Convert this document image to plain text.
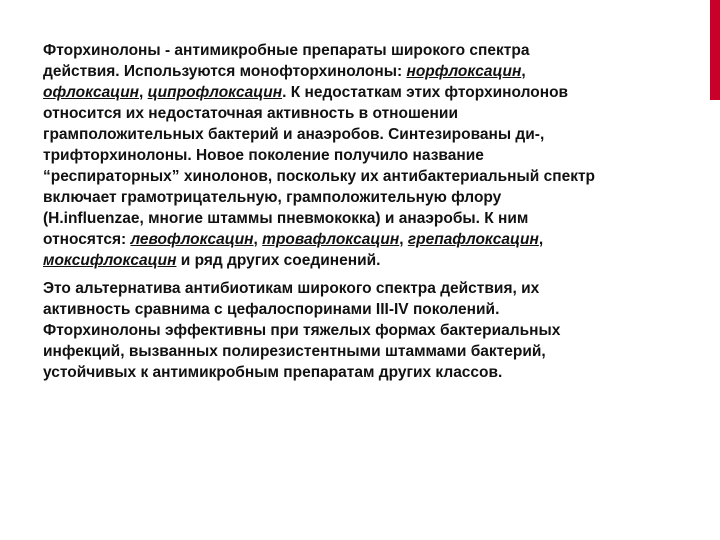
Фторхинолоны - антимикробные препараты широкого спектра действия. Используются монофторхинолоны: норфлоксацин, офлоксацин, ципрофлоксацин. К недостаткам этих фторхинолонов относится их недостаточная активность в отношении грамположительных бактерий и анаэробов. Синтезированы ди-, трифторхинолоны. Новое поколение получило название “респираторных” хинолонов, поскольку их антибактериальный спектр включает грамотрицательную, грамположительную флору (H.influenzae, многие штаммы пневмококка) и анаэробы. К ним относятся: левофлоксацин, тровафлоксацин, грепафлоксацин, моксифлоксацин и ряд других соединений.

Это альтернатива антибиотикам широкого спектра действия, их активность сравнима с цефалоспоринами III-IV поколений. Фторхинолоны эффективны при тяжелых формах бактериальных инфекций, вызванных полирезистентными штаммами бактерий, устойчивых к антимикробным препаратам других классов.
